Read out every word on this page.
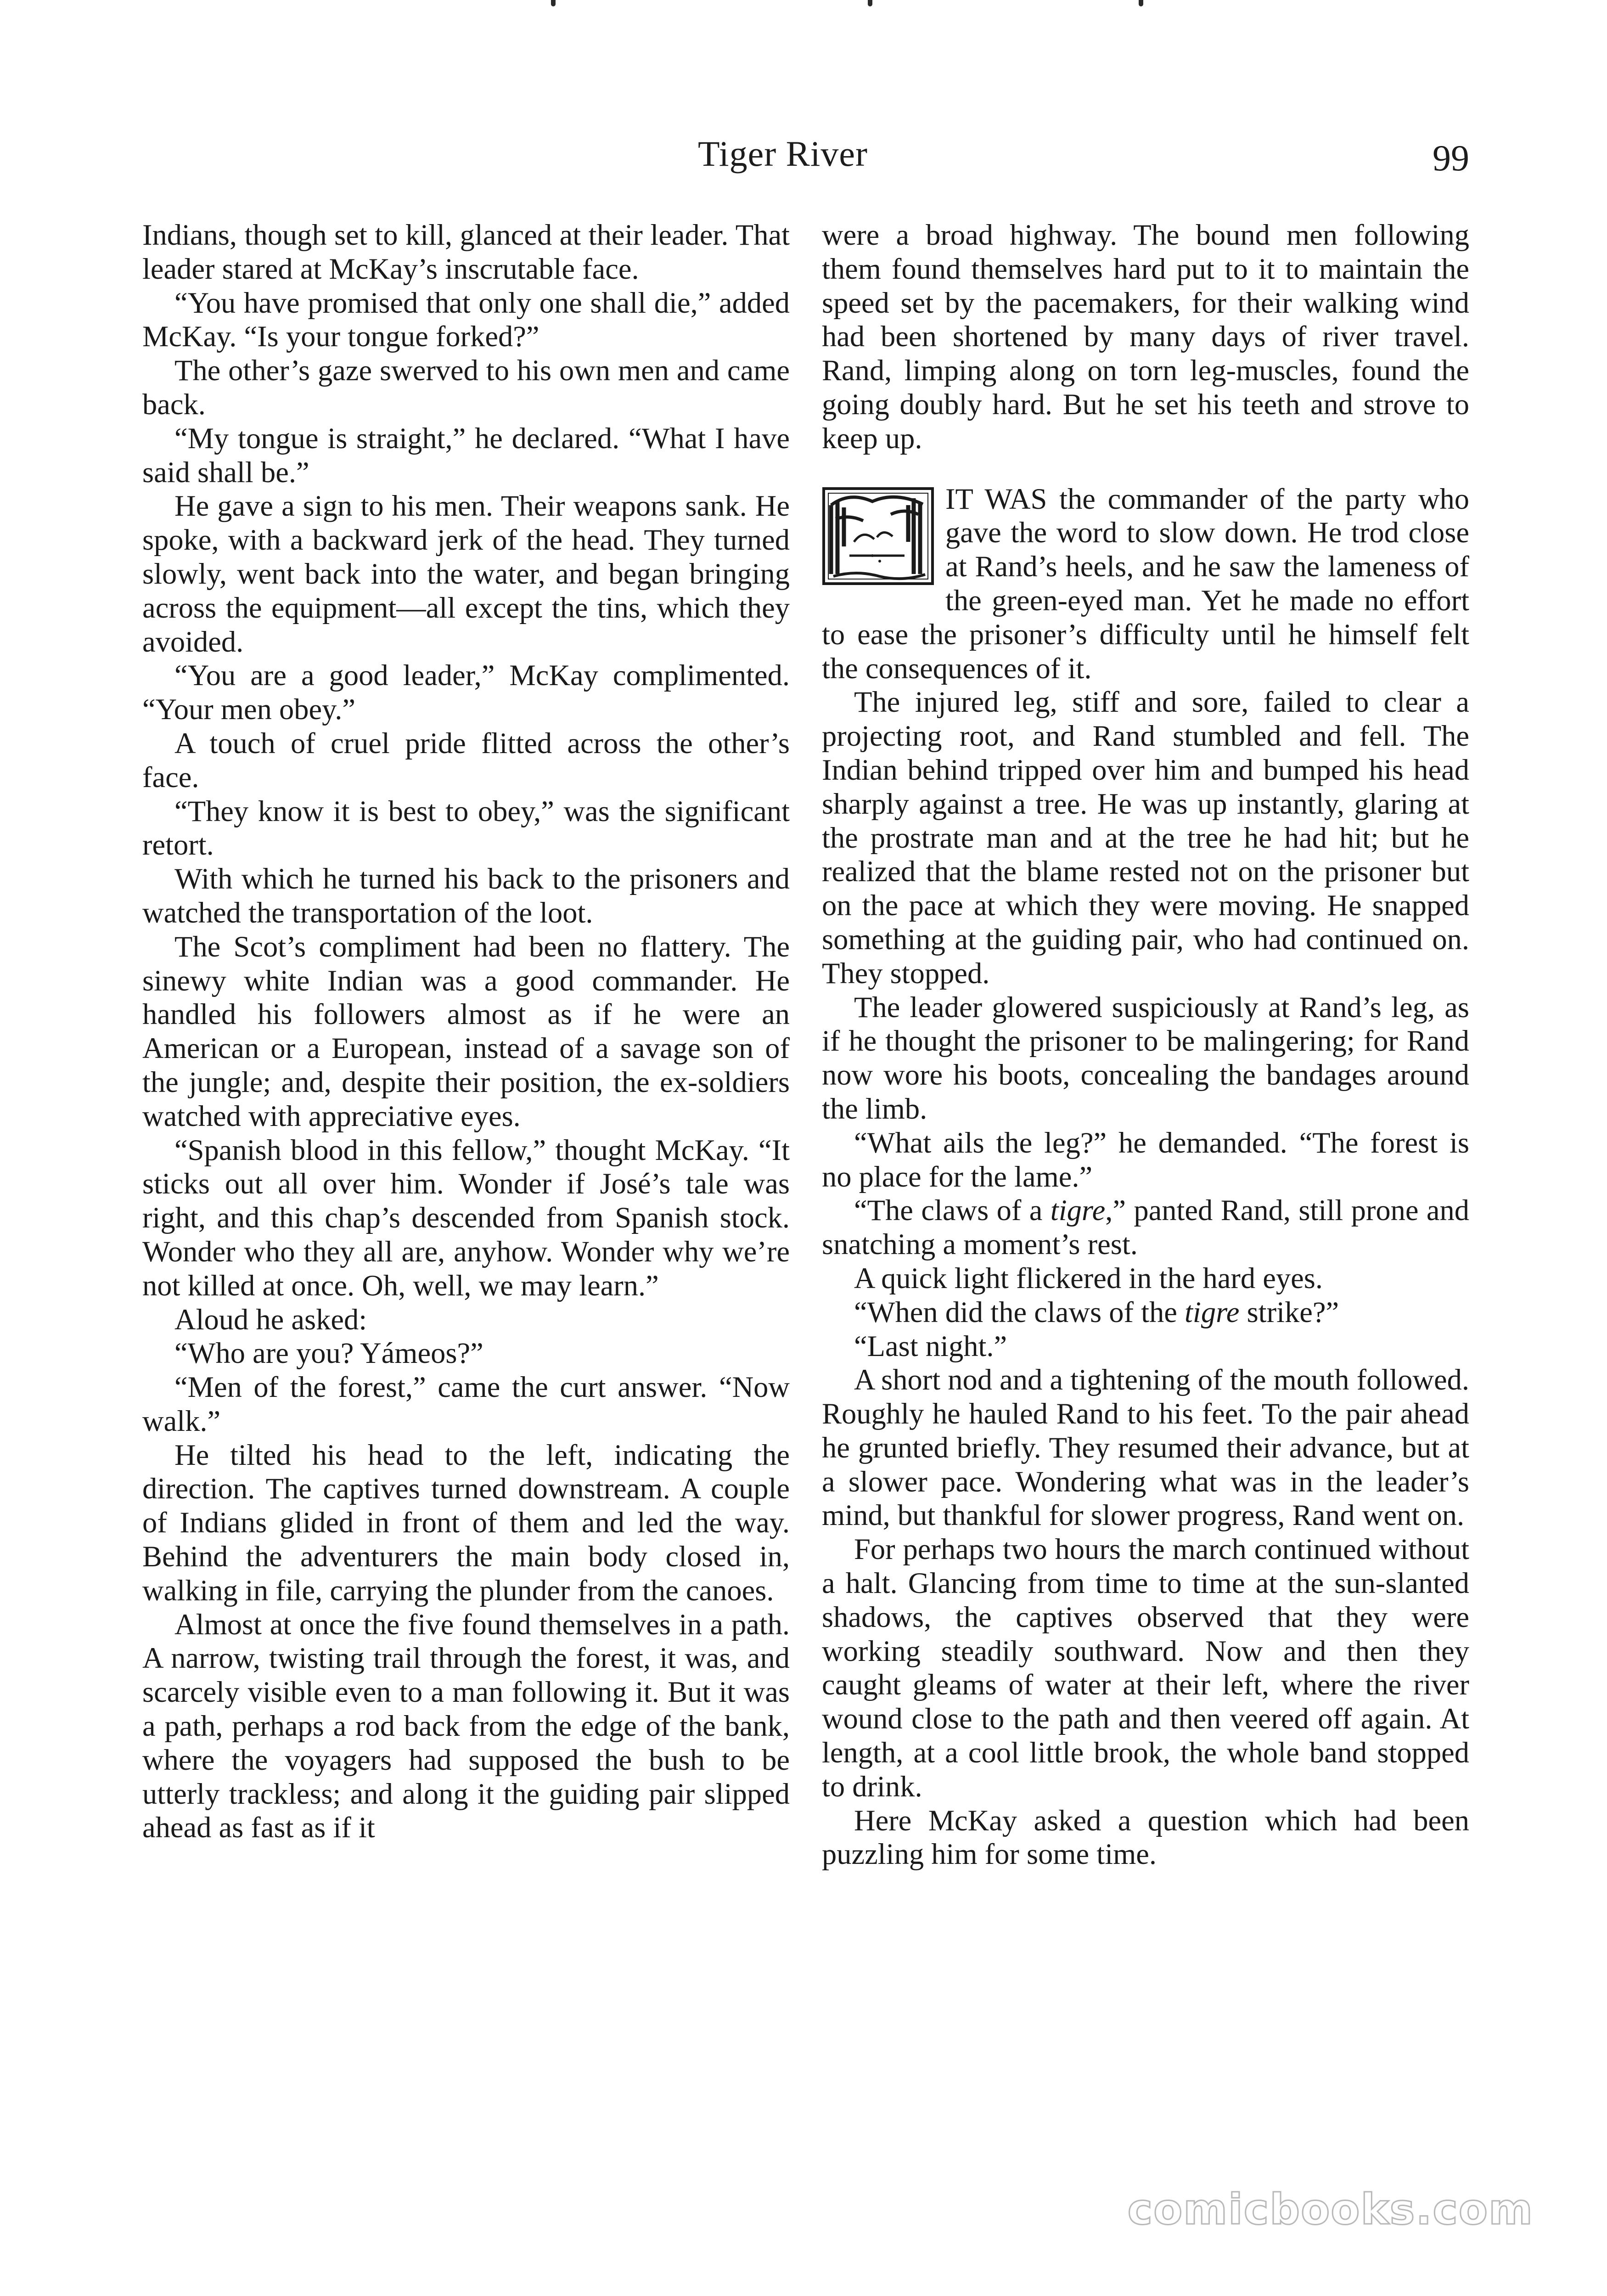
Tiger River	99

Indians, though set to kill, glanced at their leader. That leader stared at McKay’s inscrutable face.

“You have promised that only one shall die,” added McKay. “Is your tongue forked?”

The other’s gaze swerved to his own men and came back.

“My tongue is straight,” he declared. “What I have said shall be.”

He gave a sign to his men. Their weapons sank. He spoke, with a backward jerk of the head. They turned slowly, went back into the water, and began bringing across the equipment—all except the tins, which they avoided.

“You are a good leader,” McKay complimented. “Your men obey.”

A touch of cruel pride flitted across the other’s face.

“They know it is best to obey,” was the significant retort.

With which he turned his back to the prisoners and watched the transportation of the loot.

The Scot’s compliment had been no flattery. The sinewy white Indian was a good commander. He handled his followers almost as if he were an American or a European, instead of a savage son of the jungle; and, despite their position, the ex-soldiers watched with appreciative eyes.

“Spanish blood in this fellow,” thought McKay. “It sticks out all over him. Wonder if José’s tale was right, and this chap’s descended from Spanish stock. Wonder who they all are, anyhow. Wonder why we’re not killed at once. Oh, well, we may learn.”

Aloud he asked:

“Who are you? Yámeos?”

“Men of the forest,” came the curt answer. “Now walk.”

He tilted his head to the left, indicating the direction. The captives turned downstream. A couple of Indians glided in front of them and led the way. Behind the adventurers the main body closed in, walking in file, carrying the plunder from the canoes.

Almost at once the five found themselves in a path. A narrow, twisting trail through the forest, it was, and scarcely visible even to a man following it. But it was a path, perhaps a rod back from the edge of the bank, where the voyagers had supposed the bush to be utterly trackless; and along it the guiding pair slipped ahead as fast as if it

were a broad highway. The bound men following them found themselves hard put to it to maintain the speed set by the pacemakers, for their walking wind had been shortened by many days of river travel. Rand, limping along on torn leg-muscles, found the going doubly hard. But he set his teeth and strove to keep up.

IT WAS the commander of the party who gave the word to slow down. He trod close at Rand’s heels, and he saw the lameness of the green-eyed man. Yet he made no effort to ease the prisoner’s difficulty until he himself felt the consequences of it.

The injured leg, stiff and sore, failed to clear a projecting root, and Rand stumbled and fell. The Indian behind tripped over him and bumped his head sharply against a tree. He was up instantly, glaring at the prostrate man and at the tree he had hit; but he realized that the blame rested not on the prisoner but on the pace at which they were moving. He snapped something at the guiding pair, who had continued on. They stopped.

The leader glowered suspiciously at Rand’s leg, as if he thought the prisoner to be malingering; for Rand now wore his boots, concealing the bandages around the limb.

“What ails the leg?” he demanded. “The forest is no place for the lame.”

“The claws of a tigre,” panted Rand, still prone and snatching a moment’s rest.

A quick light flickered in the hard eyes.

“When did the claws of the tigre strike?”

“Last night.”

A short nod and a tightening of the mouth followed. Roughly he hauled Rand to his feet. To the pair ahead he grunted briefly. They resumed their advance, but at a slower pace. Wondering what was in the leader’s mind, but thankful for slower progress, Rand went on.

For perhaps two hours the march continued without a halt. Glancing from time to time at the sun-slanted shadows, the captives observed that they were working steadily southward. Now and then they caught gleams of water at their left, where the river wound close to the path and then veered off again. At length, at a cool little brook, the whole band stopped to drink.

Here McKay asked a question which had been puzzling him for some time.

comicbooks.com
